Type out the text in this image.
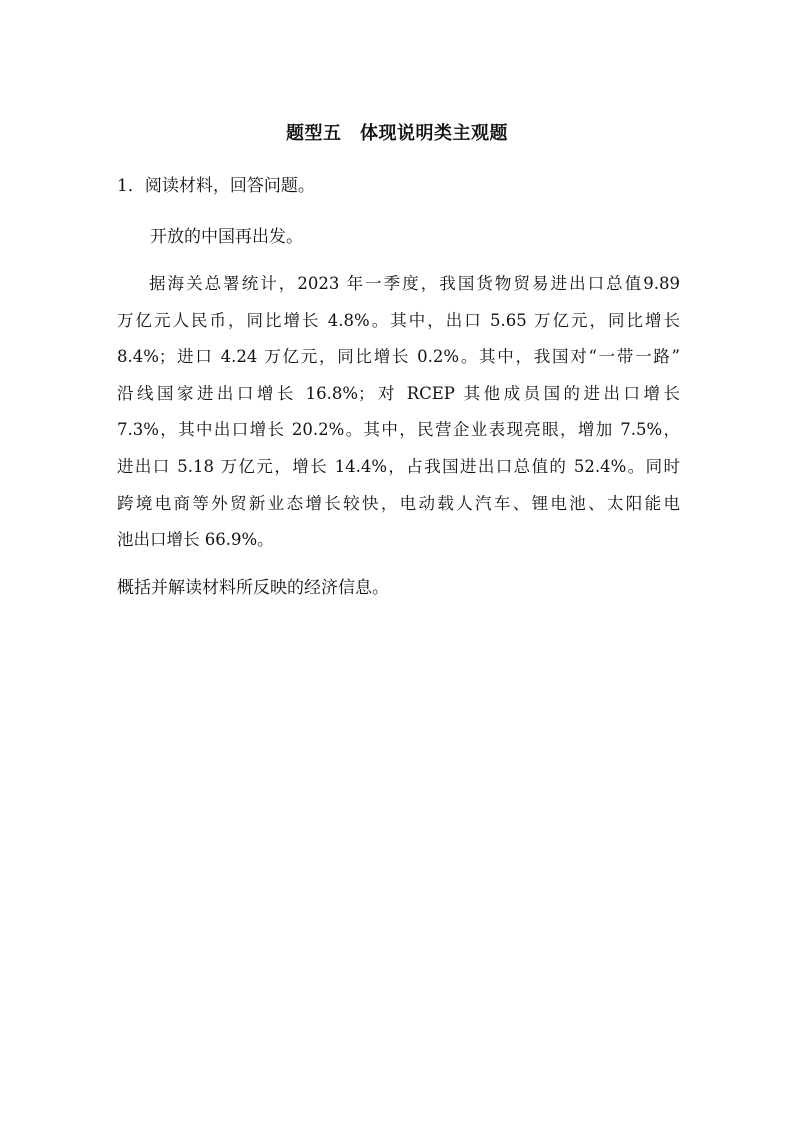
题型五　体现说明类主观题
1．阅读材料，回答问题。
开放的中国再出发。
据海关总署统计，2023 年一季度，我国货物贸易进出口总值9.89
万亿元人民币，同比增长 4.8%。其中，出口 5.65 万亿元，同比增长
8.4%；进口 4.24 万亿元，同比增长 0.2%。其中，我国对“一带一路”
沿线国家进出口增长 16.8%；对 RCEP 其他成员国的进出口增长
7.3%，其中出口增长 20.2%。其中，民营企业表现亮眼，增加 7.5%，
进出口 5.18 万亿元，增长 14.4%，占我国进出口总值的 52.4%。同时
跨境电商等外贸新业态增长较快，电动载人汽车、锂电池、太阳能电
池出口增长 66.9%。
概括并解读材料所反映的经济信息。
